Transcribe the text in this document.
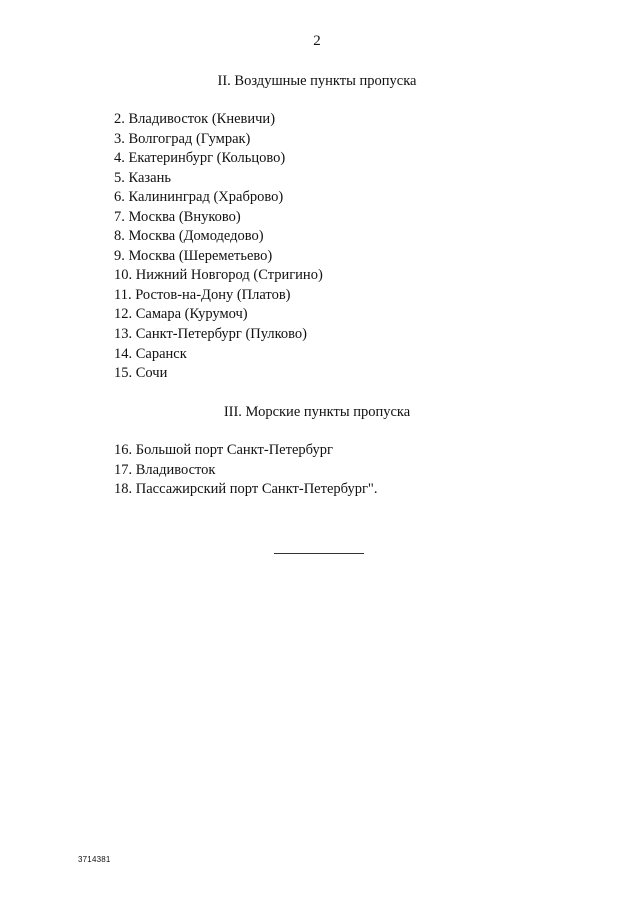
2
II. Воздушные пункты пропуска
2. Владивосток (Кневичи)
3. Волгоград (Гумрак)
4. Екатеринбург (Кольцово)
5. Казань
6. Калининград (Храброво)
7. Москва (Внуково)
8. Москва (Домодедово)
9. Москва (Шереметьево)
10. Нижний Новгород (Стригино)
11. Ростов-на-Дону (Платов)
12. Самара (Курумоч)
13. Санкт-Петербург (Пулково)
14. Саранск
15. Сочи
III. Морские пункты пропуска
16. Большой порт Санкт-Петербург
17. Владивосток
18. Пассажирский порт Санкт-Петербург".
3714381
